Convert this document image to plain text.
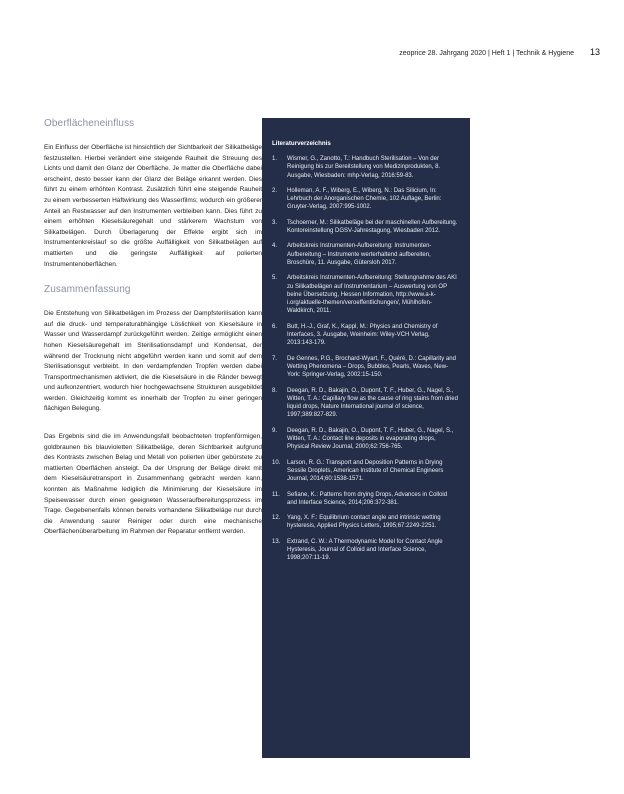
zeoprice 28. Jahrgang 2020 | Heft 1 | Technik & Hygiene 13
Oberflächeneinfluss

Ein Einfluss der Oberfläche ist hinsichtlich der Sichtbarkeit der Silikatbeläge festzustellen. Hierbei verändert eine steigende Rauheit die Streuung des Lichts und damit den Glanz der Oberfläche. Je matter die Oberfläche dabei erscheint, desto besser kann der Glanz der Beläge erkannt werden. Dies führt zu einem erhöhten Kontrast. Zusätzlich führt eine steigende Rauheit zu einem verbesserten Haftwirkung des Wasserfilms; wodurch ein größerer Anteil an Restwasser auf den Instrumenten verbleiben kann. Dies führt zu einem erhöhten Kieselsäuregehalt und stärkerem Wachstum von Silikatbelägen. Durch Überlagerung der Effekte ergibt sich im Instrumentenkreislauf so die größte Auffälligkeit von Silikatbelägen auf mattierten und die geringste Auffälligkeit auf polierten Instrumentenoberflächen.

Zusammenfassung

Die Entstehung von Silikatbelägen im Prozess der Dampfsterilisation kann auf die druck- und temperaturabhängige Löslichkeit von Kieselsäure in Wasser und Wasserdampf zurückgeführt werden. Zeitige ermöglicht einen hohen Kieselsäuregehalt im Sterilisationsdampf und Kondensat, der während der Trocknung nicht abgeführt werden kann und somit auf dem Sterilisationsgut verbleibt. In den verdampfenden Tropfen werden dabei Transportmechanismen aktiviert, die die Kieselsäure in die Ränder bewegt und aufkonzentriert, wodurch hier hochgewachsene Strukturen ausgebildet werden. Gleichzeitig kommt es innerhalb der Tropfen zu einer geringen flächigen Belegung.

Das Ergebnis sind die im Anwendungsfall beobachteten tropfenförmigen, goldbraunen bis blauvioletten Silikatbeläge, deren Sichtbarkeit aufgrund des Kontrasts zwischen Belag und Metall von polierten über gebürstete zu mattierten Oberflächen ansteigt. Da der Ursprung der Beläge direkt mit dem Kieselsäuretransport in Zusammenhang gebracht werden kann, konnten als Maßnahme lediglich die Minimierung der Kieselsäure im Speisewasser durch einen geeigneten Wasseraufbereitungsprozess im Trage. Gegebenenfalls können bereits vorhandene Silikatbeläge nur durch die Anwendung saurer Reiniger oder durch eine mechanische Oberflächenüberarbeitung im Rahmen der Reparatur entfernt werden.

Literaturverzeichnis
1.	Wismer, G., Zanotto, T.: Handbuch Sterilisation – Von der Reinigung bis zur Bereitstellung von Medizinprodukten, 8. Ausgabe, Wiesbaden: mhp-Verlag, 2016:59-83.
2.	Holleman, A. F., Wiberg, E., Wiberg, N.: Das Silicium, In: Lehrbuch der Anorganischen Chemie, 102 Auflage, Berlin: Gruyter-Verlag, 2007:995-1002.
3.	Tschoerner, M.: Silikatbeläge bei der maschinellen Aufbereitung. Kontoreinstellung DGSV-Jahrestagung, Wiesbaden 2012.
4.	Arbeitskreis Instrumenten-Aufbereitung: Instrumenten-Aufbereitung – Instrumente werterhaltend aufbereiten, Broschüre, 11. Ausgabe, Gütersloh 2017.
5.	Arbeitskreis Instrumenten-Aufbereitung: Stellungnahme des AKI zu Silikatbelägen auf Instrumentarium – Auswertung von OP beine Übersetzung, Hessen Information, http://www.a-k-i.org/aktuelle-themen/veroeffentlichungen/, Mühlhofen-Waldkirch, 2011.
6.	Butt, H.-J., Graf, K., Kappl, M.: Physics and Chemistry of Interfaces, 3. Ausgabe, Weinheim: Wiley-VCH Verlag, 2013:143-179.
7.	De Gennes, P.G., Brochard-Wyart, F., Quéré, D.: Capillarity and Wetting Phenomena – Drops, Bubbles, Pearls, Waves, New-York: Springer-Verlag, 2002:15-150.
8.	Deegan, R. D., Bakajin, O., Dupont, T. F., Huber, G., Nagel, S., Witten, T. A.: Capillary flow as the cause of ring stains from dried liquid drops, Nature International journal of science, 1997;389:827-829.
9.	Deegan, R. D., Bakajin, O., Dupont, T. F., Huber, G., Nagel, S., Witten, T. A.: Contact line deposits in evaporating drops, Physical Review Journal, 2000;62:756-765.
10.	Larson, R. G.: Transport and Deposition Patterns in Drying Sessile Droplets, American Institute of Chemical Engineers Journal, 2014;60:1538-1571.
11.	Sefiane, K.: Patterns from drying Drops, Advances in Colloid and Interface Science, 2014;206:372-381.
12.	Yang, X. F.: Equilibrium contact angle and intrinsic wetting hysteresis, Applied Physics Letters, 1995;67:2249-2251.
13.	Extrand, C. W.: A Thermodynamic Model for Contact Angle Hysteresis, Journal of Colloid and Interface Science, 1998;207:11-19.
